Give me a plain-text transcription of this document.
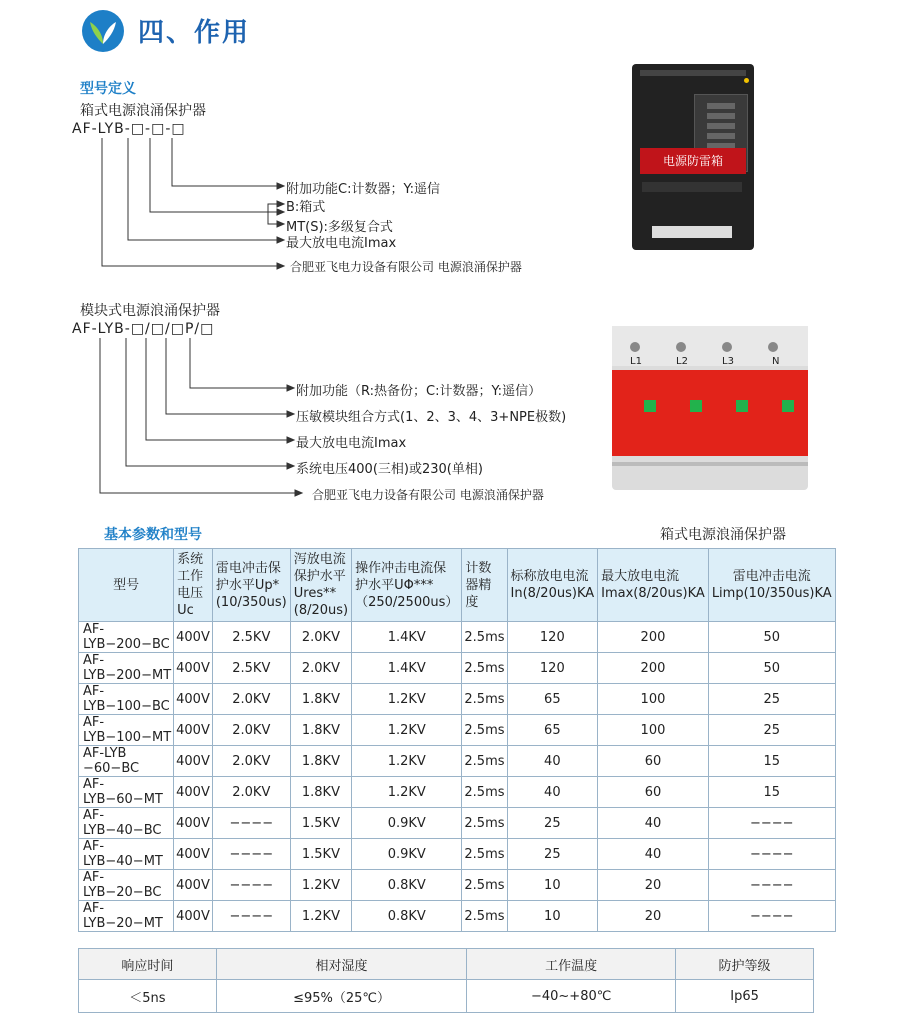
四、作用
型号定义
箱式电源浪涌保护器
AF-LYB-□-□-□
附加功能C:计数器；Y:遥信
B:箱式
MT(S):多级复合式
最大放电电流Imax
合肥亚飞电力设备有限公司 电源浪涌保护器
模块式电源浪涌保护器
AF-LYB-□/□/□P/□
附加功能（R:热备份；C:计数器；Y:遥信）
压敏模块组合方式(1、2、3、4、3+NPE极数)
最大放电电流Imax
系统电压400(三相)或230(单相)
合肥亚飞电力设备有限公司 电源浪涌保护器
电源防雷箱
L1	L2	L3	N
基本参数和型号	箱式电源浪涌保护器
型号	系统工作电压Uc	雷电冲击保护水平Up*(10/350us)	泻放电流保护水平Ures**(8/20us)	操作冲击电流保护水平UΦ***（250/2500us）	计数器精度	标称放电电流In(8/20us)KA	最大放电电流Imax(8/20us)KA	雷电冲击电流Limp(10/350us)KA
AF-LYB−200−BC	400V	2.5KV	2.0KV	1.4KV	2.5ms	120	200	50
AF-LYB−200−MT	400V	2.5KV	2.0KV	1.4KV	2.5ms	120	200	50
AF-LYB−100−BC	400V	2.0KV	1.8KV	1.2KV	2.5ms	65	100	25
AF-LYB−100−MT	400V	2.0KV	1.8KV	1.2KV	2.5ms	65	100	25
AF-LYB −60−BC	400V	2.0KV	1.8KV	1.2KV	2.5ms	40	60	15
AF-LYB−60−MT	400V	2.0KV	1.8KV	1.2KV	2.5ms	40	60	15
AF-LYB−40−BC	400V	−−−−	1.5KV	0.9KV	2.5ms	25	40	−−−−
AF-LYB−40−MT	400V	−−−−	1.5KV	0.9KV	2.5ms	25	40	−−−−
AF-LYB−20−BC	400V	−−−−	1.2KV	0.8KV	2.5ms	10	20	−−−−
AF-LYB−20−MT	400V	−−−−	1.2KV	0.8KV	2.5ms	10	20	−−−−
响应时间	相对湿度	工作温度	防护等级
＜5ns	≤95%（25℃）	−40~+80℃	Ip65
